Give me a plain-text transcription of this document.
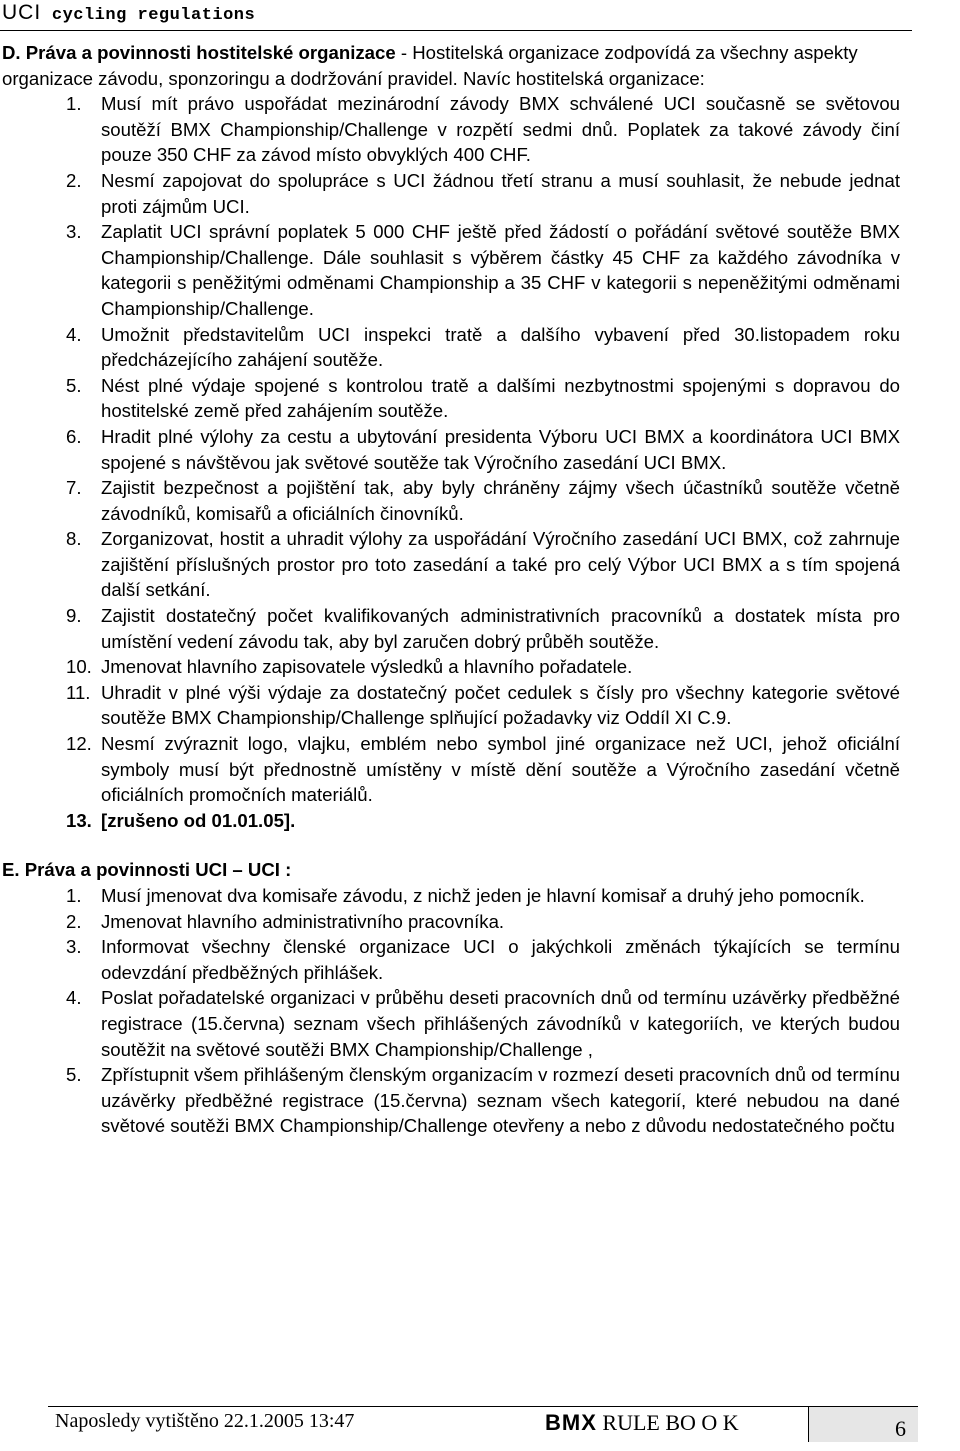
UCI cycling regulations

D. Práva a povinnosti hostitelské organizace - Hostitelská organizace zodpovídá za všechny aspekty organizace závodu, sponzoringu a dodržování pravidel. Navíc hostitelská organizace:

1. Musí mít právo uspořádat mezinárodní závody BMX schválené UCI současně se světovou soutěží BMX Championship/Challenge v rozpětí sedmi dnů. Poplatek za takové závody činí pouze 350 CHF za závod místo obvyklých 400 CHF.
2. Nesmí zapojovat do spolupráce s UCI žádnou třetí stranu a musí souhlasit, že nebude jednat proti zájmům UCI.
3. Zaplatit UCI správní poplatek 5 000 CHF ještě před žádostí o pořádání světové soutěže BMX Championship/Challenge. Dále souhlasit s výběrem částky 45 CHF za každého závodníka v kategorii s peněžitými odměnami Championship a 35 CHF v kategorii s nepeněžitými odměnami Championship/Challenge.
4. Umožnit představitelům UCI inspekci tratě a dalšího vybavení před 30.listopadem roku předcházejícího zahájení soutěže.
5. Nést plné výdaje spojené s kontrolou tratě a dalšími nezbytnostmi spojenými s dopravou do hostitelské země před zahájením soutěže.
6. Hradit plné výlohy za cestu a ubytování presidenta Výboru UCI BMX a koordinátora UCI BMX spojené s návštěvou jak světové soutěže tak Výročního zasedání UCI BMX.
7. Zajistit bezpečnost a pojištění tak, aby byly chráněny zájmy všech účastníků soutěže včetně závodníků, komisařů a oficiálních činovníků.
8. Zorganizovat, hostit a uhradit výlohy za uspořádání Výročního zasedání UCI BMX, což zahrnuje zajištění příslušných prostor pro toto zasedání a také pro celý Výbor UCI BMX a s tím spojená další setkání.
9. Zajistit dostatečný počet kvalifikovaných administrativních pracovníků a dostatek místa pro umístění vedení závodu tak, aby byl zaručen dobrý průběh soutěže.
10. Jmenovat hlavního zapisovatele výsledků a hlavního pořadatele.
11. Uhradit v plné výši výdaje za dostatečný počet cedulek s čísly pro všechny kategorie světové soutěže BMX Championship/Challenge splňující požadavky viz Oddíl XI C.9.
12. Nesmí zvýraznit logo, vlajku, emblém nebo symbol jiné organizace než UCI, jehož oficiální symboly musí být přednostně umístěny v místě dění soutěže a Výročního zasedání včetně oficiálních promočních materiálů.
13. [zrušeno od 01.01.05].
E. Práva a povinnosti UCI – UCI :
1. Musí jmenovat dva komisaře závodu, z nichž jeden je hlavní komisař a druhý jeho pomocník.
2. Jmenovat hlavního administrativního pracovníka.
3. Informovat všechny členské organizace UCI o jakýchkoli změnách týkajících se termínu odevzdání předběžných přihlášek.
4. Poslat pořadatelské organizaci v průběhu deseti pracovních dnů od termínu uzávěrky předběžné registrace (15.června) seznam všech přihlášených závodníků v kategoriích, ve kterých budou soutěžit na světové soutěži BMX Championship/Challenge ,
5. Zpřístupnit všem přihlášeným členským organizacím v rozmezí deseti pracovních dnů od termínu uzávěrky předběžné registrace (15.června) seznam všech kategorií, které nebudou na dané světové soutěži BMX Championship/Challenge otevřeny a nebo z důvodu nedostatečného počtu
Naposledy vytištěno 22.1.2005 13:47	BMX RULE BO O K	6
